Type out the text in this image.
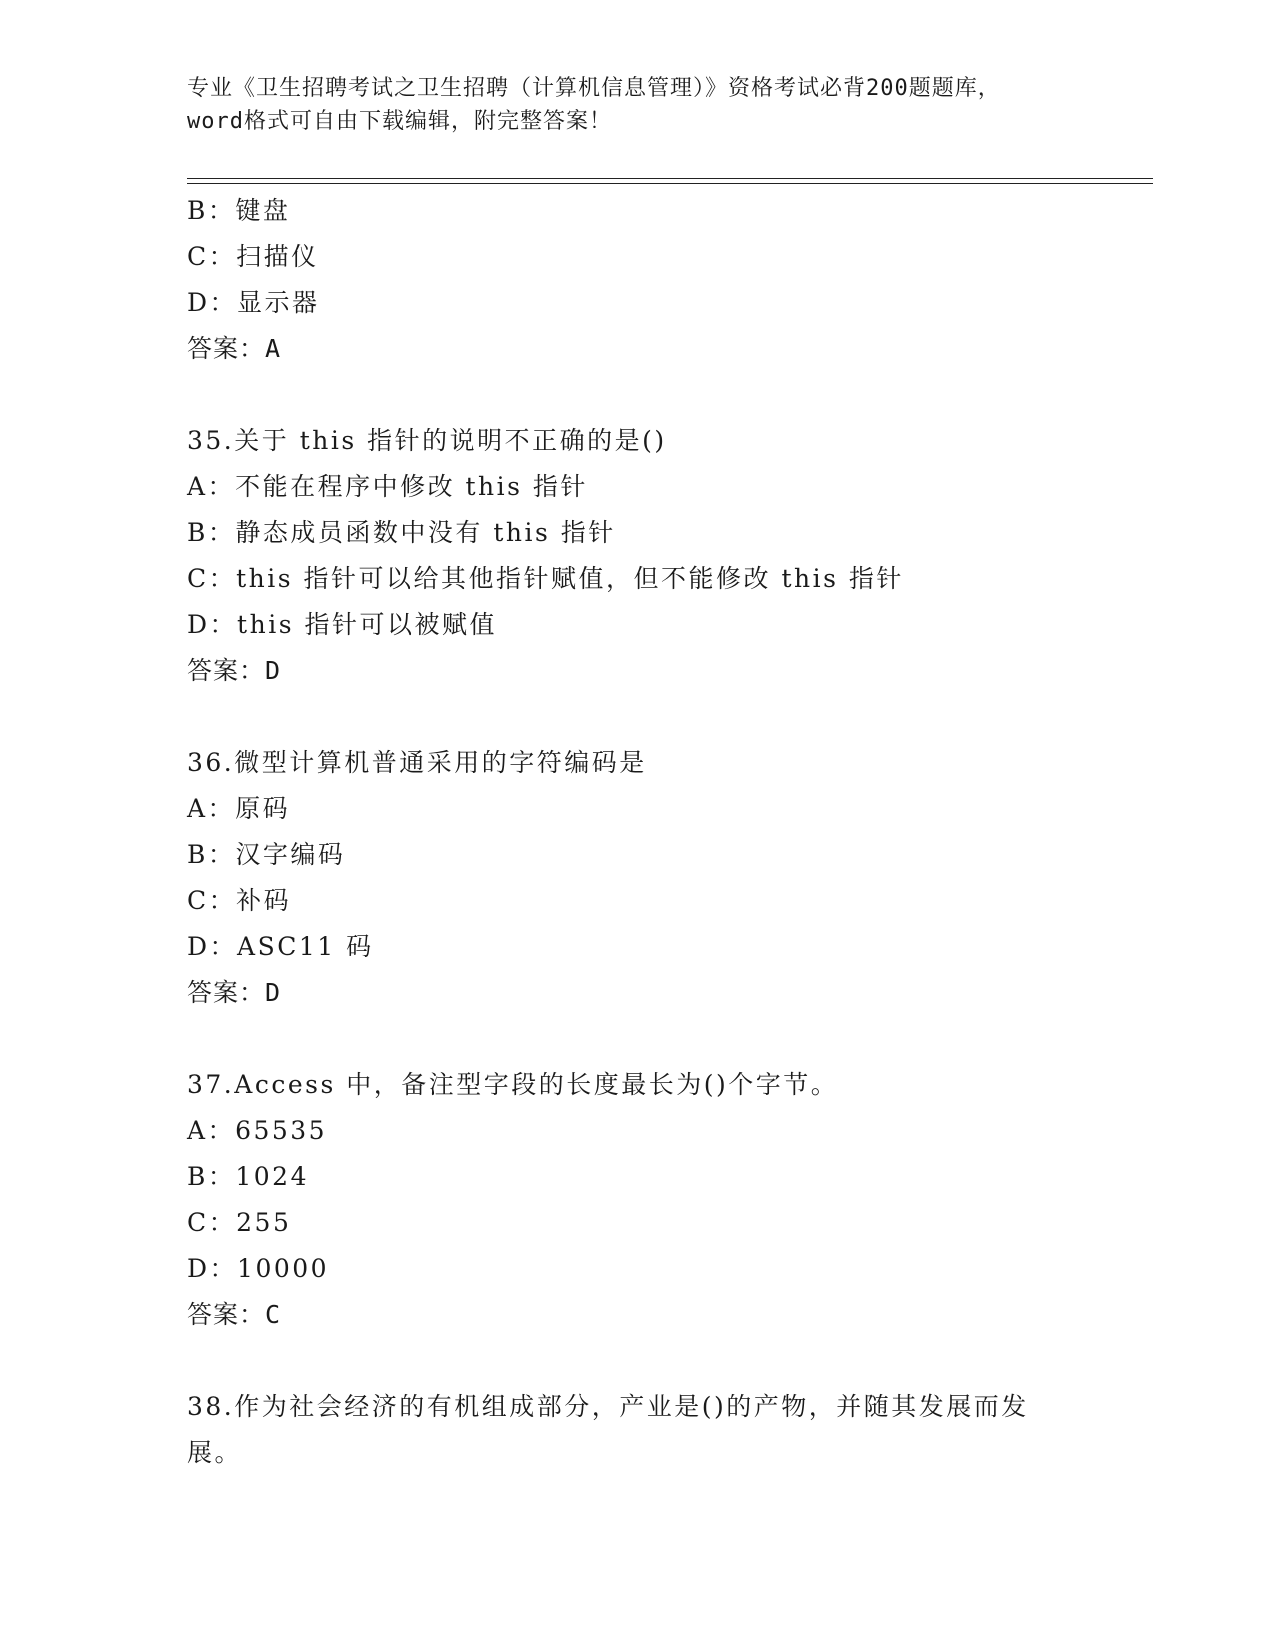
专业《卫生招聘考试之卫生招聘（计算机信息管理）》资格考试必背200题题库，
word格式可自由下载编辑，附完整答案！
B：键盘
C：扫描仪
D：显示器
答案：A
35.关于 this 指针的说明不正确的是()
A：不能在程序中修改 this 指针
B：静态成员函数中没有 this 指针
C：this 指针可以给其他指针赋值，但不能修改 this 指针
D：this 指针可以被赋值
答案：D
36.微型计算机普通采用的字符编码是
A：原码
B：汉字编码
C：补码
D：ASC11 码
答案：D
37.Access 中，备注型字段的长度最长为()个字节。
A：65535
B：1024
C：255
D：10000
答案：C
38.作为社会经济的有机组成部分，产业是()的产物，并随其发展而发
展。
